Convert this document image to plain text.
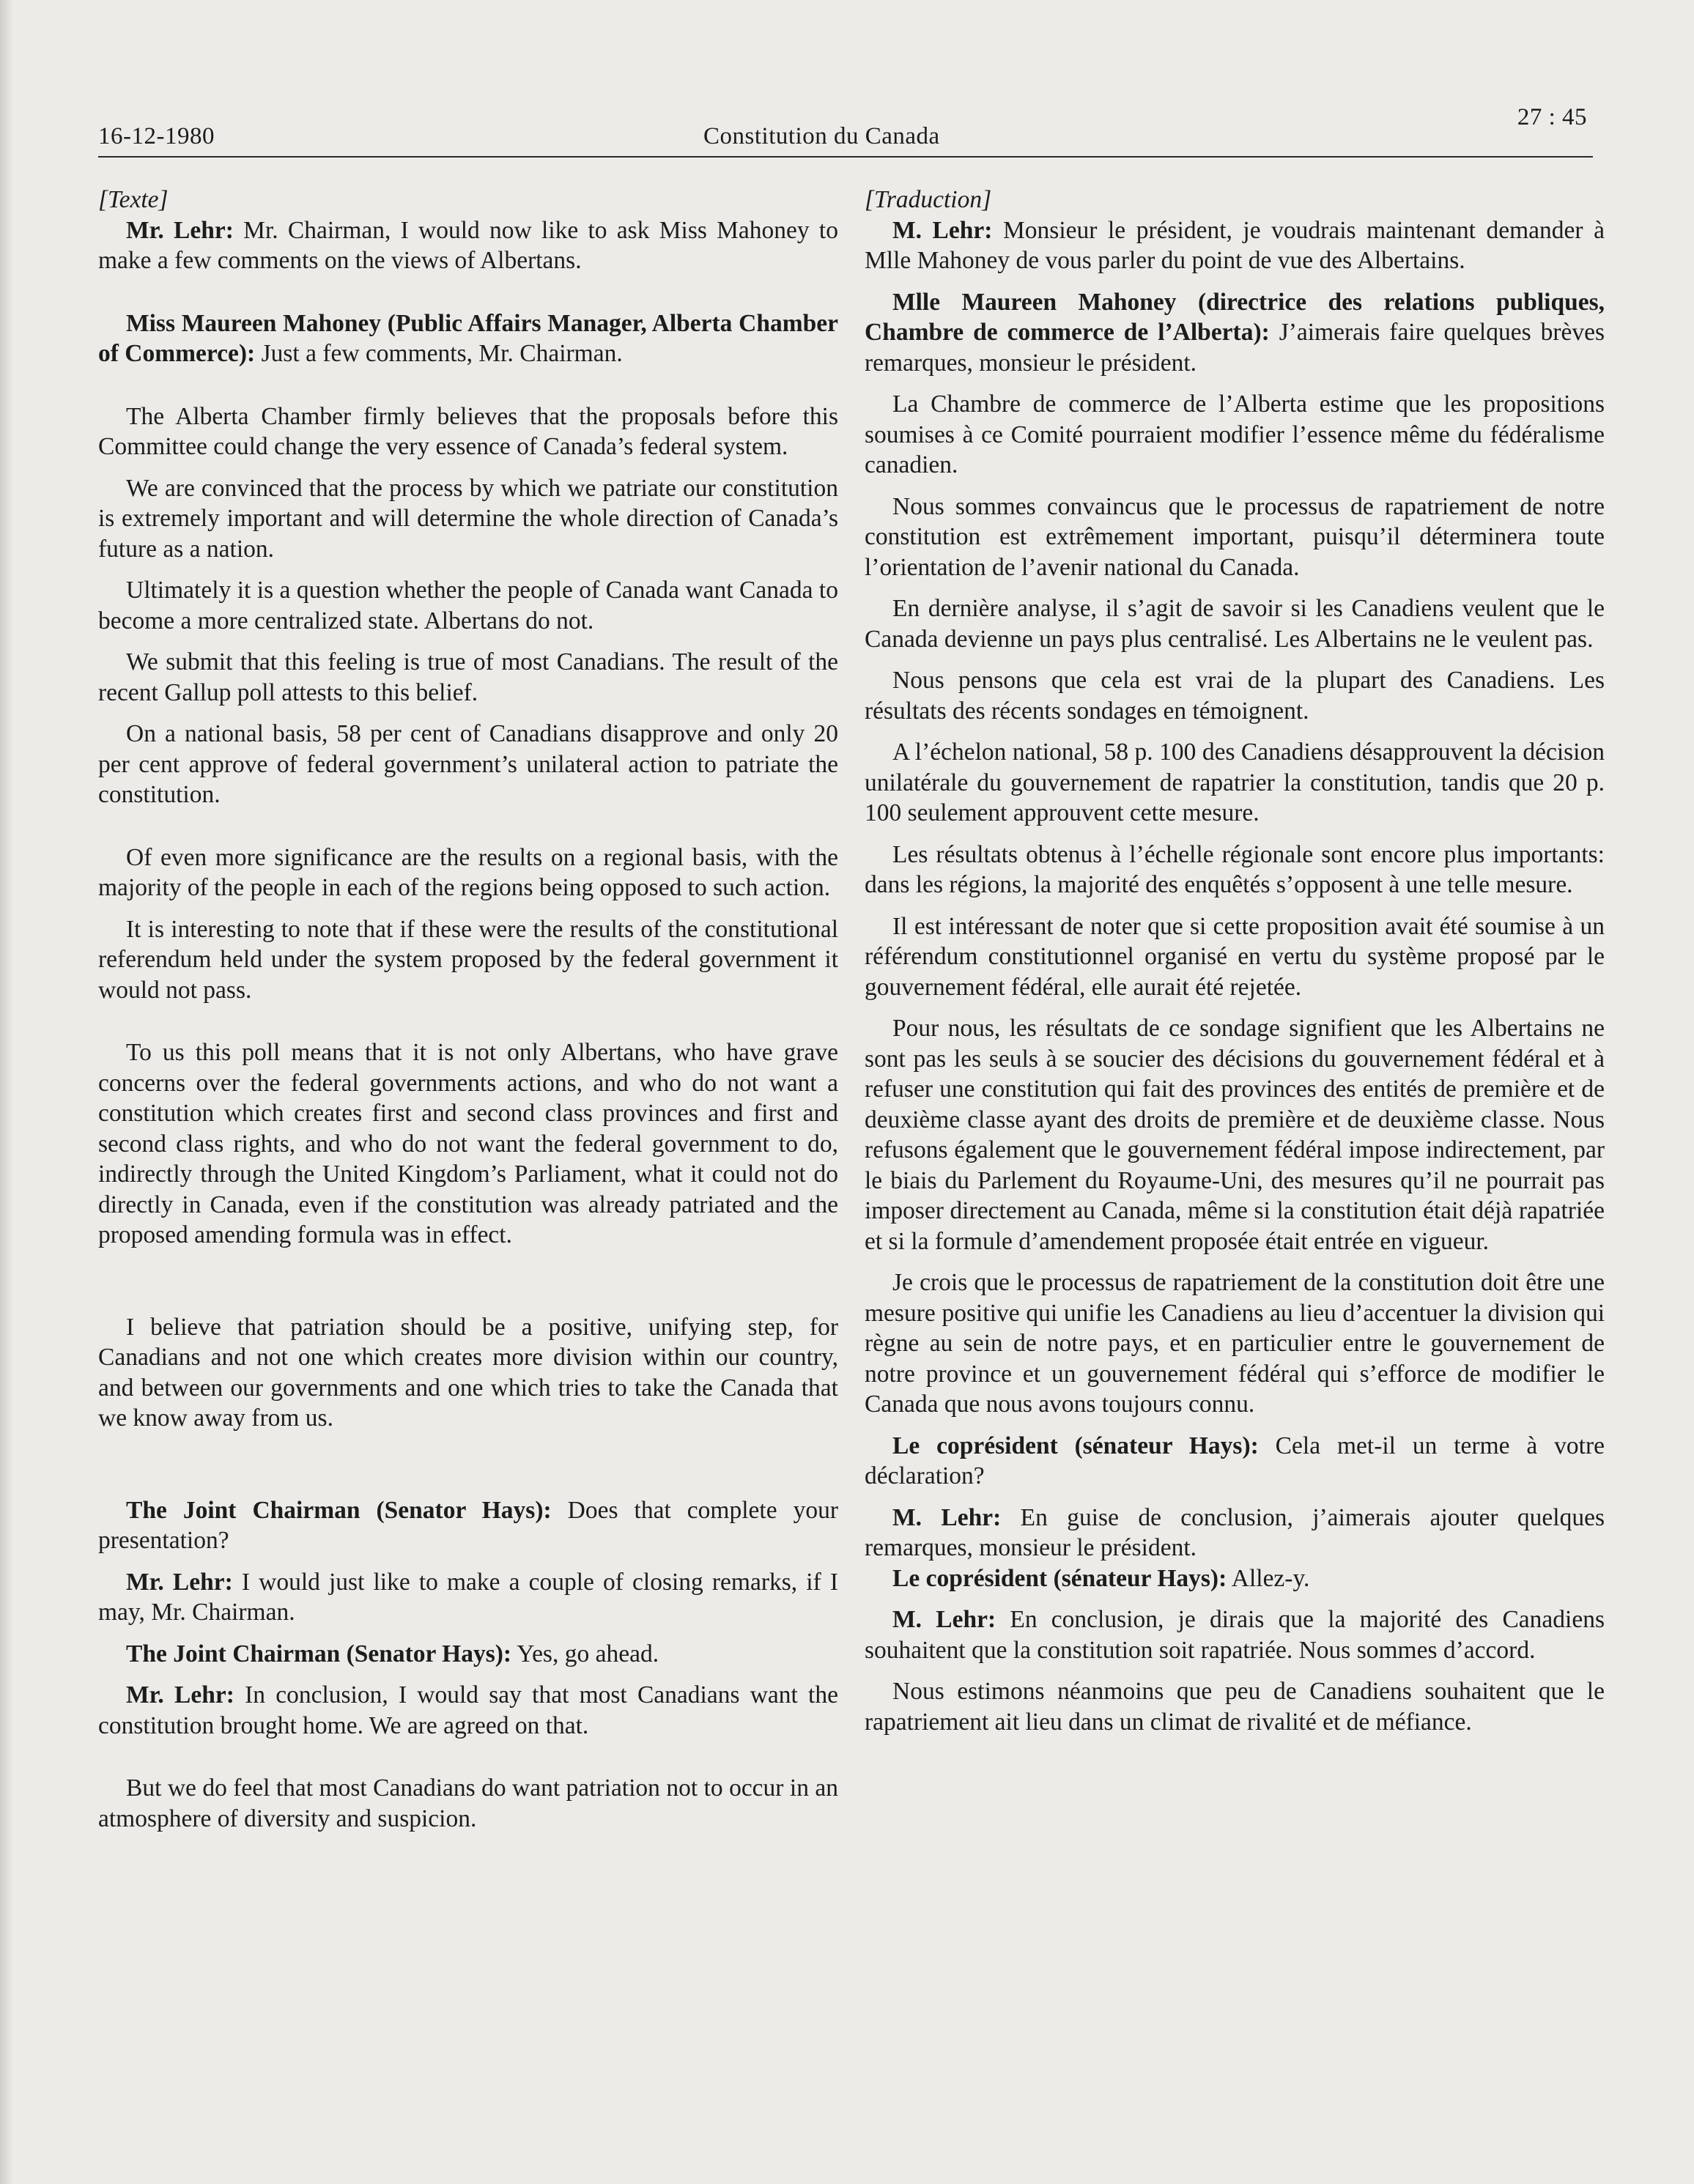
16-12-1980	Constitution du Canada
27 : 45

[Texte]

Mr. Lehr: Mr. Chairman, I would now like to ask Miss Mahoney to make a few comments on the views of Albertans.

Miss Maureen Mahoney (Public Affairs Manager, Alberta Chamber of Commerce): Just a few comments, Mr. Chairman.

The Alberta Chamber firmly believes that the proposals before this Committee could change the very essence of Canada’s federal system.

We are convinced that the process by which we patriate our constitution is extremely important and will determine the whole direction of Canada’s future as a nation.

Ultimately it is a question whether the people of Canada want Canada to become a more centralized state. Albertans do not.

We submit that this feeling is true of most Canadians. The result of the recent Gallup poll attests to this belief.

On a national basis, 58 per cent of Canadians disapprove and only 20 per cent approve of federal government’s unilateral action to patriate the constitution.

Of even more significance are the results on a regional basis, with the majority of the people in each of the regions being opposed to such action.

It is interesting to note that if these were the results of the constitutional referendum held under the system proposed by the federal government it would not pass.

To us this poll means that it is not only Albertans, who have grave concerns over the federal governments actions, and who do not want a constitution which creates first and second class provinces and first and second class rights, and who do not want the federal government to do, indirectly through the United Kingdom’s Parliament, what it could not do directly in Canada, even if the constitution was already patriated and the proposed amending formula was in effect.

I believe that patriation should be a positive, unifying step, for Canadians and not one which creates more division within our country, and between our governments and one which tries to take the Canada that we know away from us.

The Joint Chairman (Senator Hays): Does that complete your presentation?

Mr. Lehr: I would just like to make a couple of closing remarks, if I may, Mr. Chairman.

The Joint Chairman (Senator Hays): Yes, go ahead.

Mr. Lehr: In conclusion, I would say that most Canadians want the constitution brought home. We are agreed on that.

But we do feel that most Canadians do want patriation not to occur in an atmosphere of diversity and suspicion.

[Traduction]

M. Lehr: Monsieur le président, je voudrais maintenant demander à Mlle Mahoney de vous parler du point de vue des Albertains.

Mlle Maureen Mahoney (directrice des relations publiques, Chambre de commerce de l’Alberta): J’aimerais faire quelques brèves remarques, monsieur le président.

La Chambre de commerce de l’Alberta estime que les propositions soumises à ce Comité pourraient modifier l’essence même du fédéralisme canadien.

Nous sommes convaincus que le processus de rapatriement de notre constitution est extrêmement important, puisqu’il déterminera toute l’orientation de l’avenir national du Canada.

En dernière analyse, il s’agit de savoir si les Canadiens veulent que le Canada devienne un pays plus centralisé. Les Albertains ne le veulent pas.

Nous pensons que cela est vrai de la plupart des Canadiens. Les résultats des récents sondages en témoignent.

A l’échelon national, 58 p. 100 des Canadiens désapprouvent la décision unilatérale du gouvernement de rapatrier la constitution, tandis que 20 p. 100 seulement approuvent cette mesure.

Les résultats obtenus à l’échelle régionale sont encore plus importants: dans les régions, la majorité des enquêtés s’opposent à une telle mesure.

Il est intéressant de noter que si cette proposition avait été soumise à un référendum constitutionnel organisé en vertu du système proposé par le gouvernement fédéral, elle aurait été rejetée.

Pour nous, les résultats de ce sondage signifient que les Albertains ne sont pas les seuls à se soucier des décisions du gouvernement fédéral et à refuser une constitution qui fait des provinces des entités de première et de deuxième classe ayant des droits de première et de deuxième classe. Nous refusons également que le gouvernement fédéral impose indirectement, par le biais du Parlement du Royaume-Uni, des mesures qu’il ne pourrait pas imposer directement au Canada, même si la constitution était déjà rapatriée et si la formule d’amendement proposée était entrée en vigueur.

Je crois que le processus de rapatriement de la constitution doit être une mesure positive qui unifie les Canadiens au lieu d’accentuer la division qui règne au sein de notre pays, et en particulier entre le gouvernement de notre province et un gouvernement fédéral qui s’efforce de modifier le Canada que nous avons toujours connu.

Le coprésident (sénateur Hays): Cela met-il un terme à votre déclaration?

M. Lehr: En guise de conclusion, j’aimerais ajouter quelques remarques, monsieur le président.

Le coprésident (sénateur Hays): Allez-y.

M. Lehr: En conclusion, je dirais que la majorité des Canadiens souhaitent que la constitution soit rapatriée. Nous sommes d’accord.

Nous estimons néanmoins que peu de Canadiens souhaitent que le rapatriement ait lieu dans un climat de rivalité et de méfiance.
